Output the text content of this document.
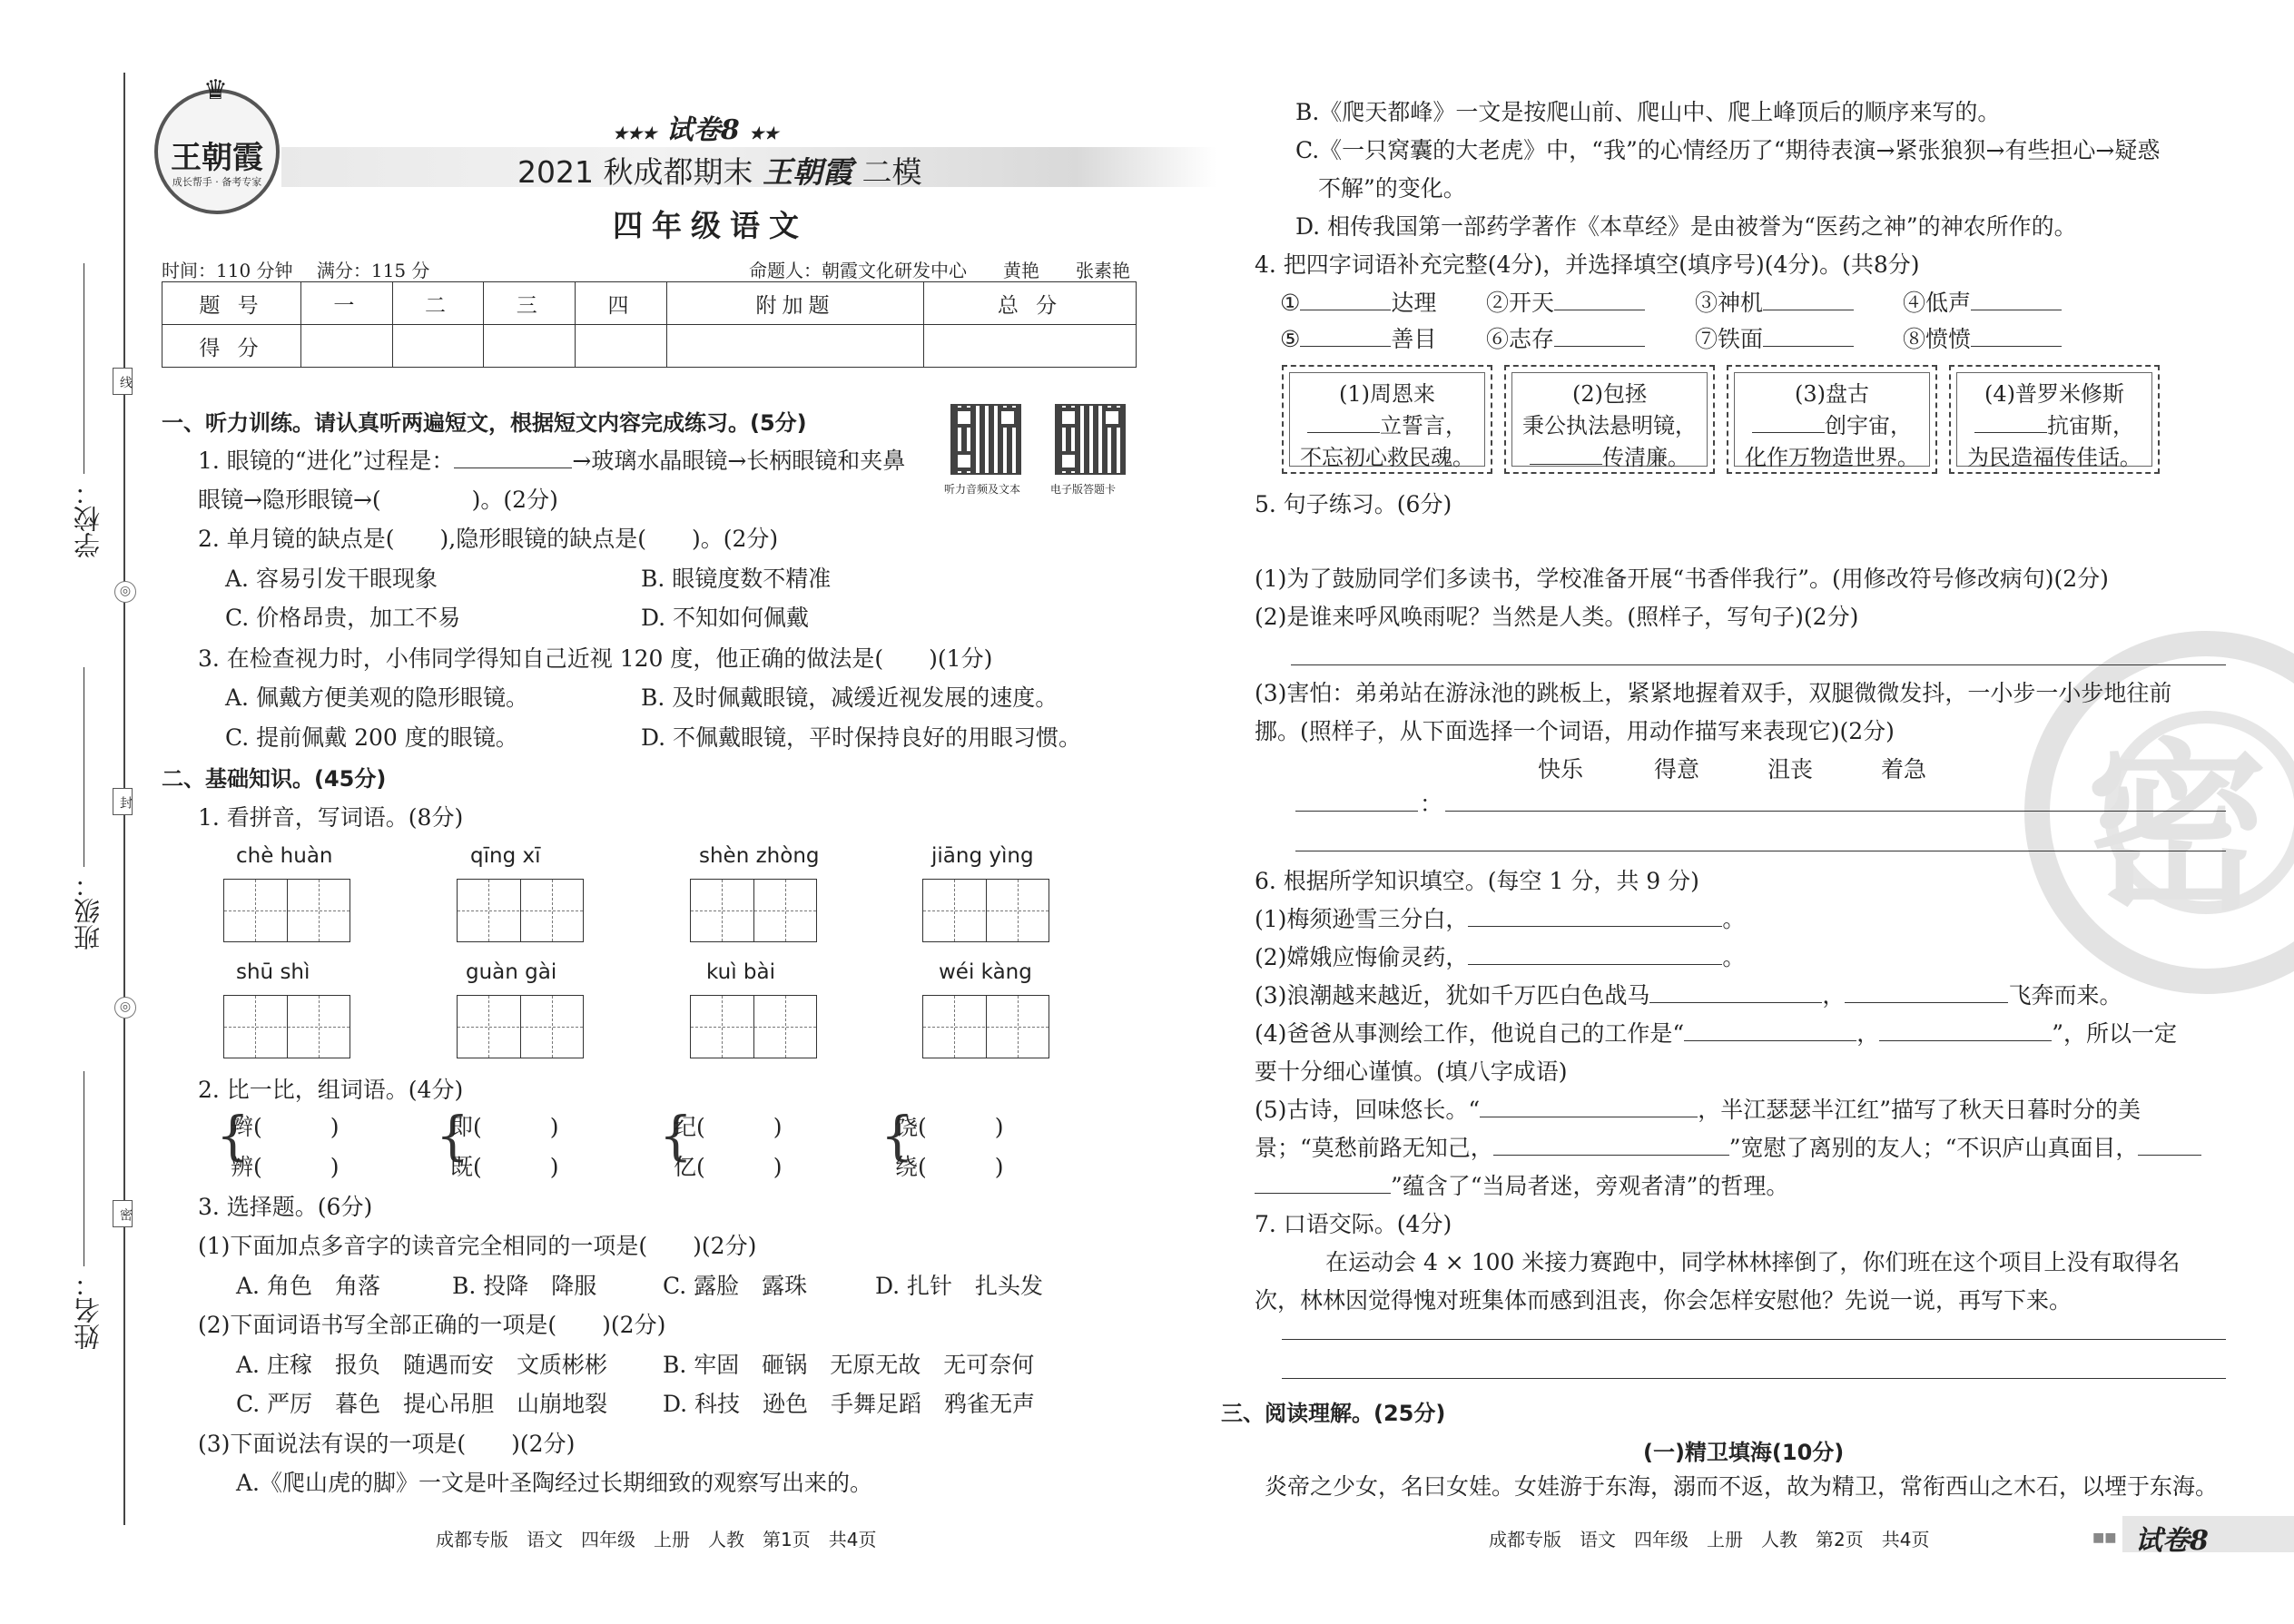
线
◎
封
◎
密
学校：
班级：
姓名：
♛
王朝霞
成长帮手 · 备考专家
★★★ 试卷8 ★★
2021 秋成都期末 王朝霞 二模
四年级语文
时间：110 分钟　 满分：115 分	命题人：朝霞文化研发中心　　黄艳　　张素艳
题 号	一	二	三	四	附加题	总 分
得 分						
听力音频及文本	电子版答题卡
一、听力训练。请认真听两遍短文，根据短文内容完成练习。(5分)
1. 眼镜的“进化”过程是：	→玻璃水晶眼镜→长柄眼镜和夹鼻
眼镜→隐形眼镜→(	)。(2分)
2. 单月镜的缺点是(　　),隐形眼镜的缺点是(　　)。(2分)
A. 容易引发干眼现象	B. 眼镜度数不精准
C. 价格昂贵，加工不易	D. 不知如何佩戴
3. 在检查视力时，小伟同学得知自己近视 120 度，他正确的做法是(　　)(1分)
A. 佩戴方便美观的隐形眼镜。	B. 及时佩戴眼镜，减缓近视发展的速度。
C. 提前佩戴 200 度的眼镜。	D. 不佩戴眼镜，平时保持良好的用眼习惯。
二、基础知识。(45分)
1. 看拼音，写词语。(8分)
chè huàn	qīng xī	shèn zhòng	jiāng yìng
shū shì	guàn gài	kuì bài	wéi kàng
2. 比一比，组词语。(4分)
{
辫(　　　)
辨(　　　)
{
即(　　　)
既(　　　)
{
纪(　　　)
亿(　　　)
{
饶(　　　)
绕(　　　)
3. 选择题。(6分)
(1)下面加点多音字的读音完全相同的一项是(　　)(2分)
A. 角色　角落	B. 投降　降服	C. 露脸　露珠	D. 扎针　扎头发
(2)下面词语书写全部正确的一项是(　　)(2分)
A. 庄稼　报负　随遇而安　文质彬彬 B. 牢固　砸锅　无原无故　无可奈何
C. 严厉　暮色　提心吊胆　山崩地裂 D. 科技　逊色　手舞足蹈　鸦雀无声
(3)下面说法有误的一项是(　　)(2分)
A.《爬山虎的脚》一文是叶圣陶经过长期细致的观察写出来的。
成都专版　语文　四年级　上册　人教　第1页　共4页
密
B.《爬天都峰》一文是按爬山前、爬山中、爬上峰顶后的顺序来写的。
C.《一只窝囊的大老虎》中，“我”的心情经历了“期待表演→紧张狼狈→有些担心→疑惑
不解”的变化。
D. 相传我国第一部药学著作《本草经》是由被誉为“医药之神”的神农所作的。
4. 把四字词语补充完整(4分)，并选择填空(填序号)(4分)。(共8分)
①	达理 ②开天	③神机	④低声
⑤	善目 ⑥志存	⑦铁面	⑧愤愤
(1)周恩来
立誓言，
不忘初心救民魂。
(2)包拯
秉公执法悬明镜，
传清廉。
(3)盘古
创宇宙，
化作万物造世界。
(4)普罗米修斯
抗宙斯，
为民造福传佳话。
5. 句子练习。(6分)
(1)为了鼓励同学们多读书，学校准备开展“书香伴我行”。(用修改符号修改病句)(2分)
(2)是谁来呼风唤雨呢？当然是人类。(照样子，写句子)(2分)
(3)害怕：弟弟站在游泳池的跳板上，紧紧地握着双手，双腿微微发抖，一小步一小步地往前
挪。(照样子，从下面选择一个词语，用动作描写来表现它)(2分)
快乐	得意	沮丧	着急
：
6. 根据所学知识填空。(每空 1 分，共 9 分)
(1)梅须逊雪三分白，	。
(2)嫦娥应悔偷灵药，	。
(3)浪潮越来越近，犹如千万匹白色战马	，	飞奔而来。
(4)爸爸从事测绘工作，他说自己的工作是“	，	”，所以一定
要十分细心谨慎。(填八字成语)
(5)古诗，回味悠长。“	，半江瑟瑟半江红”描写了秋天日暮时分的美
景；“莫愁前路无知己，	”宽慰了离别的友人；“不识庐山真面目，
”蕴含了“当局者迷，旁观者清”的哲理。
7. 口语交际。(4分)
在运动会 4 × 100 米接力赛跑中，同学林林摔倒了，你们班在这个项目上没有取得名
次，林林因觉得愧对班集体而感到沮丧，你会怎样安慰他？先说一说，再写下来。
三、阅读理解。(25分)
(一)精卫填海(10分)
炎帝之少女，名曰女娃。女娃游于东海，溺而不返，故为精卫，常衔西山之木石，以堙于东海。
成都专版　语文　四年级　上册　人教　第2页　共4页	试卷8
■■
